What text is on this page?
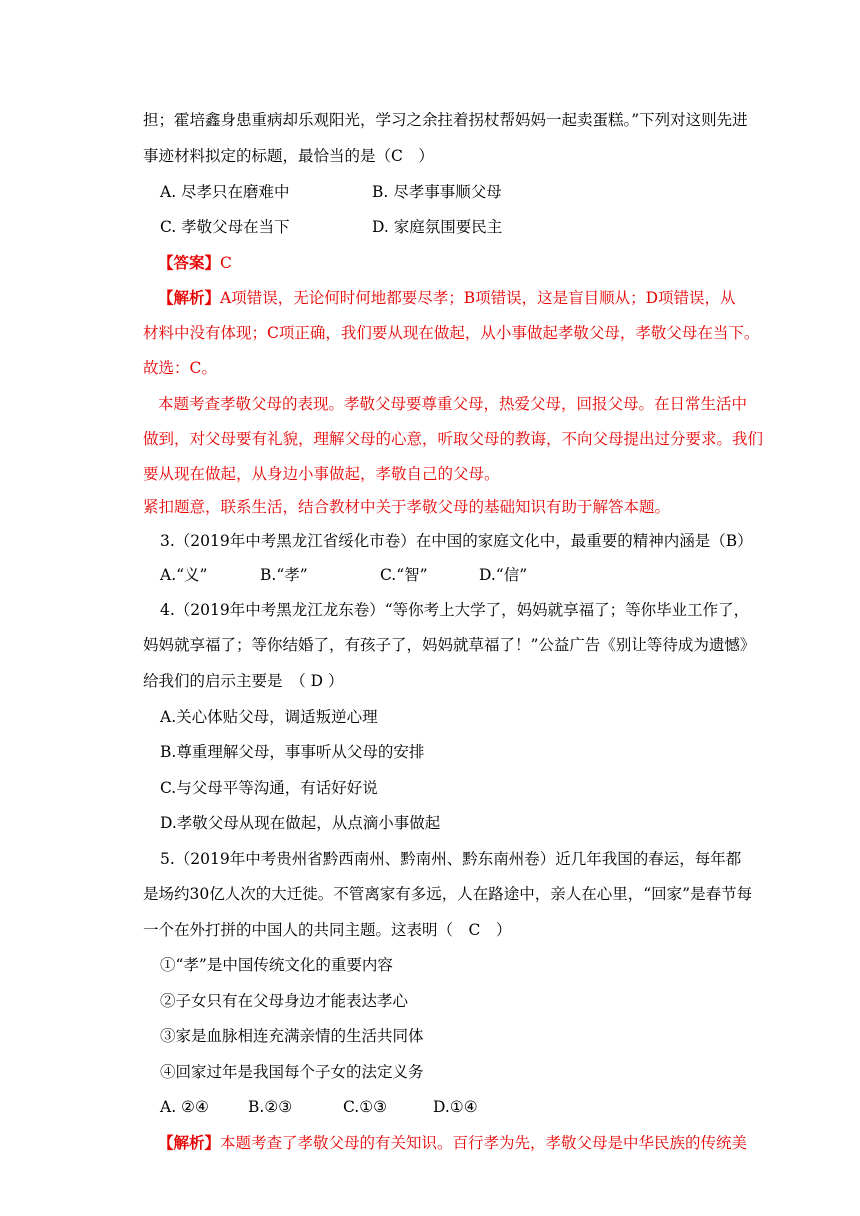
担；霍培鑫身患重病却乐观阳光，学习之余拄着拐杖帮妈妈一起卖蛋糕。”下列对这则先进
事迹材料拟定的标题，最恰当的是（C　）
A. 尽孝只在磨难中	B. 尽孝事事顺父母
C. 孝敬父母在当下	D. 家庭氛围要民主
【答案】C
【解析】A项错误，无论何时何地都要尽孝；B项错误，这是盲目顺从；D项错误，从
材料中没有体现；C项正确，我们要从现在做起，从小事做起孝敬父母，孝敬父母在当下。
故选：C。
本题考查孝敬父母的表现。孝敬父母要尊重父母，热爱父母，回报父母。在日常生活中
做到，对父母要有礼貌，理解父母的心意，听取父母的教诲，不向父母提出过分要求。我们
要从现在做起，从身边小事做起，孝敬自己的父母。
紧扣题意，联系生活，结合教材中关于孝敬父母的基础知识有助于解答本题。
3.（2019年中考黑龙江省绥化市卷）在中国的家庭文化中，最重要的精神内涵是（B）
A.“义”	B.“孝”	C.“智”	D.“信”
4.（2019年中考黑龙江龙东卷）“等你考上大学了，妈妈就享福了；等你毕业工作了，
妈妈就享福了；等你结婚了，有孩子了，妈妈就草福了！”公益广告《别让等待成为遗憾》
给我们的启示主要是　（ D ）
A.关心体贴父母，调适叛逆心理
B.尊重理解父母，事事听从父母的安排
C.与父母平等沟通，有话好好说
D.孝敬父母从现在做起，从点滴小事做起
5.（2019年中考贵州省黔西南州、黔南州、黔东南州卷）近几年我国的春运，每年都
是场约30亿人次的大迁徙。不管离家有多远，人在路途中，亲人在心里，“回家”是春节每
一个在外打拼的中国人的共同主题。这表明（　C　）
①“孝”是中国传统文化的重要内容
②子女只有在父母身边才能表达孝心
③家是血脉相连充满亲情的生活共同体
④回家过年是我国每个子女的法定义务
A. ②④	B.②③	C.①③	D.①④
【解析】本题考查了孝敬父母的有关知识。百行孝为先，孝敬父母是中华民族的传统美
